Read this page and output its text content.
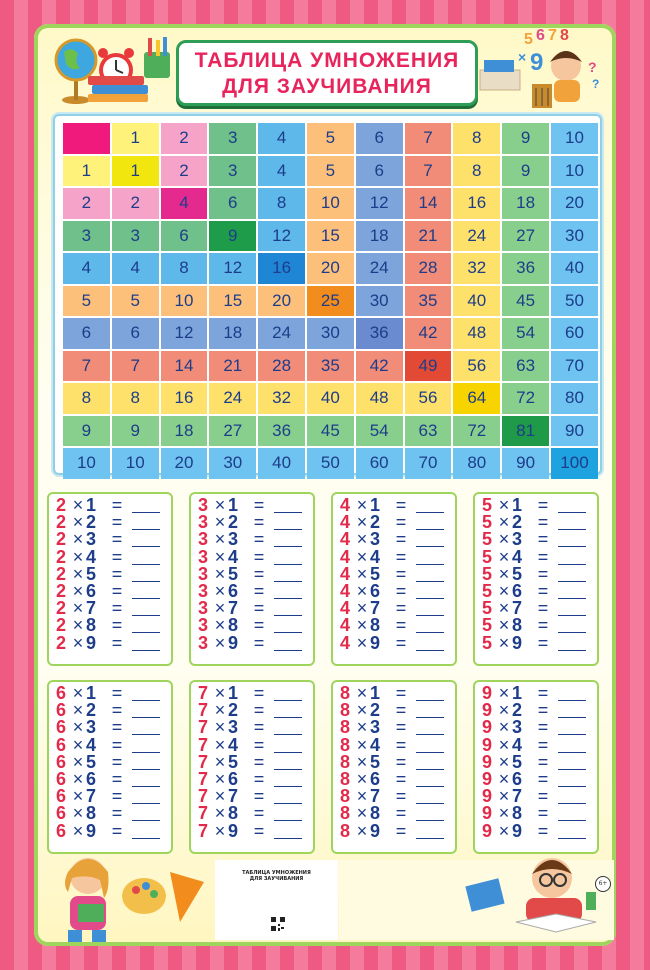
ТАБЛИЦА УМНОЖЕНИЯ
ДЛЯ ЗАУЧИВАНИЯ
5 6 7 8
× 9	?
?
	1	2	3	4	5	6	7	8	9	10
1	1	2	3	4	5	6	7	8	9	10
2	2	4	6	8	10	12	14	16	18	20
3	3	6	9	12	15	18	21	24	27	30
4	4	8	12	16	20	24	28	32	36	40
5	5	10	15	20	25	30	35	40	45	50
6	6	12	18	24	30	36	42	48	54	60
7	7	14	21	28	35	42	49	56	63	70
8	8	16	24	32	40	48	56	64	72	80
9	9	18	27	36	45	54	63	72	81	90
10	10	20	30	40	50	60	70	80	90	100
2 × 1 =
2 × 2 =
2 × 3 =
2 × 4 =
2 × 5 =
2 × 6 =
2 × 7 =
2 × 8 =
2 × 9 =
3 × 1 =
3 × 2 =
3 × 3 =
3 × 4 =
3 × 5 =
3 × 6 =
3 × 7 =
3 × 8 =
3 × 9 =
4 × 1 =
4 × 2 =
4 × 3 =
4 × 4 =
4 × 5 =
4 × 6 =
4 × 7 =
4 × 8 =
4 × 9 =
5 × 1 =
5 × 2 =
5 × 3 =
5 × 4 =
5 × 5 =
5 × 6 =
5 × 7 =
5 × 8 =
5 × 9 =
6 × 1 =
6 × 2 =
6 × 3 =
6 × 4 =
6 × 5 =
6 × 6 =
6 × 7 =
6 × 8 =
6 × 9 =
7 × 1 =
7 × 2 =
7 × 3 =
7 × 4 =
7 × 5 =
7 × 6 =
7 × 7 =
7 × 8 =
7 × 9 =
8 × 1 =
8 × 2 =
8 × 3 =
8 × 4 =
8 × 5 =
8 × 6 =
8 × 7 =
8 × 8 =
8 × 9 =
9 × 1 =
9 × 2 =
9 × 3 =
9 × 4 =
9 × 5 =
9 × 6 =
9 × 7 =
9 × 8 =
9 × 9 =
ТАБЛИЦА УМНОЖЕНИЯ
ДЛЯ ЗАУЧИВАНИЯ
6+
